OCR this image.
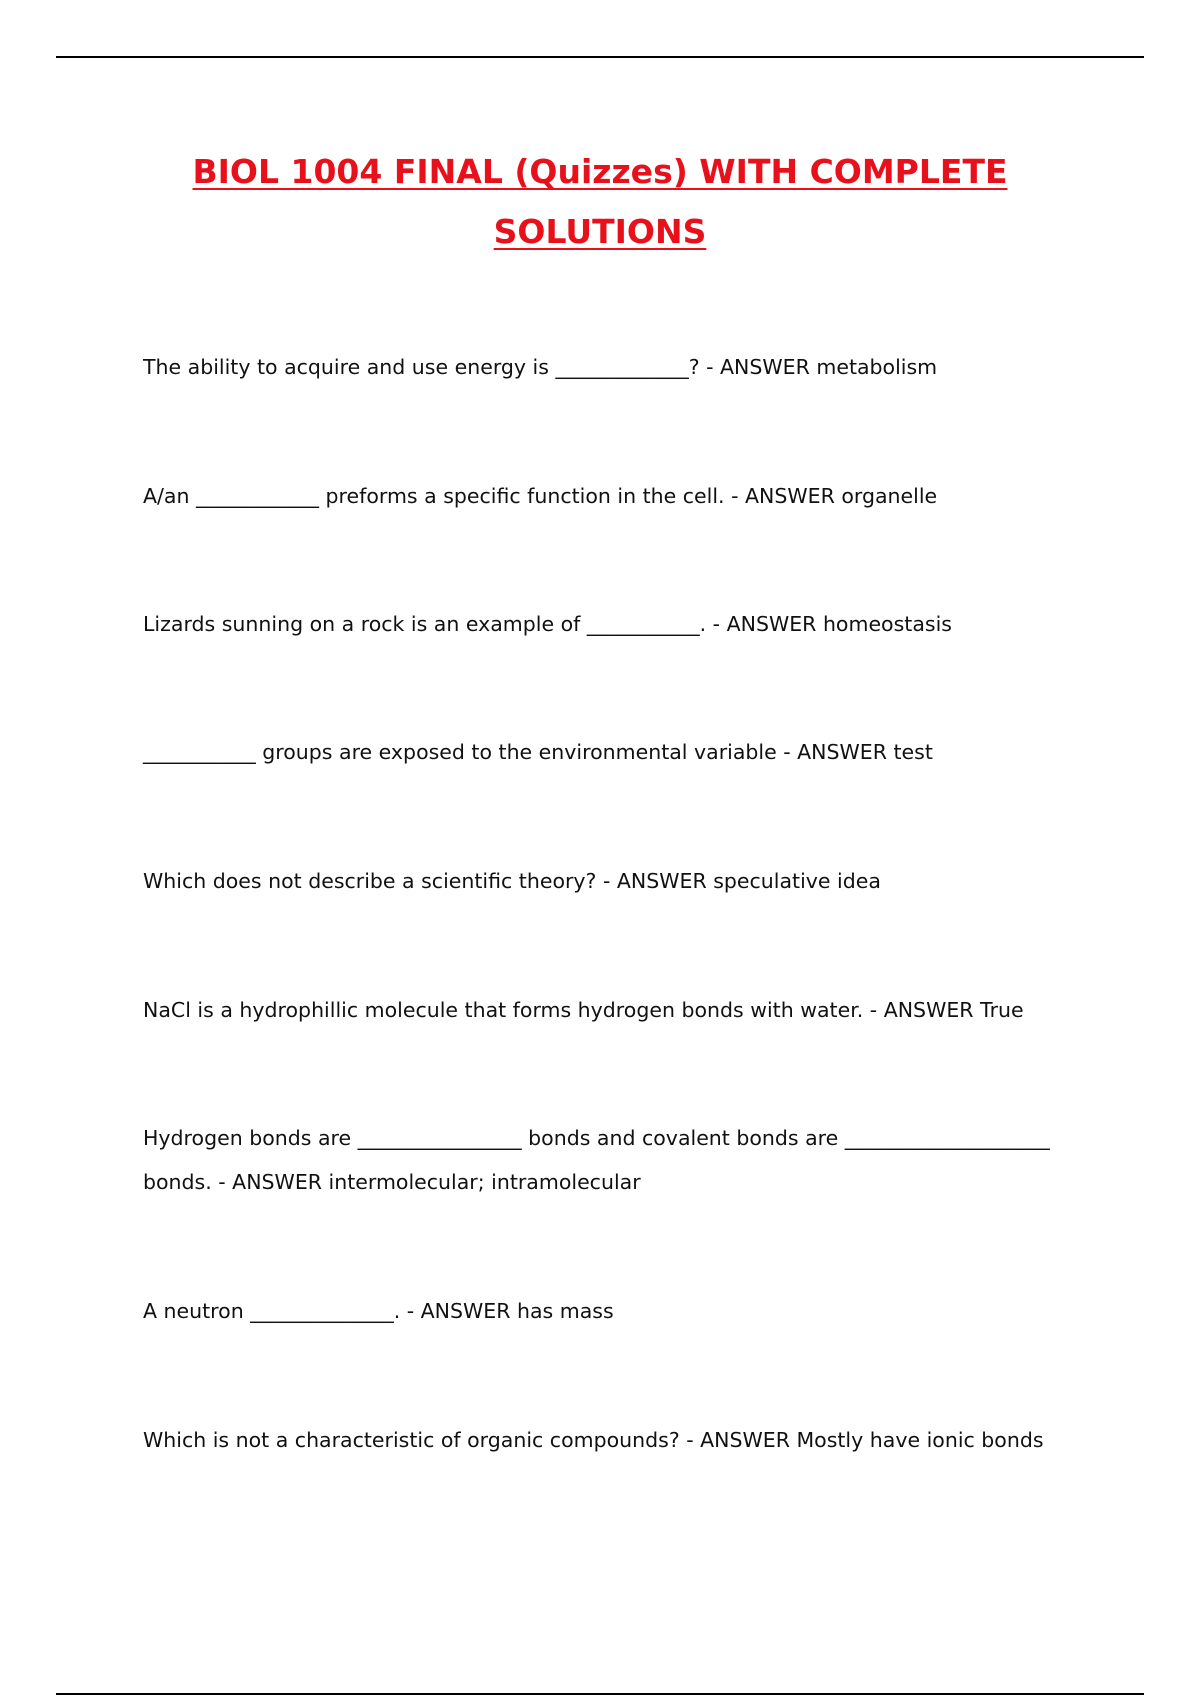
BIOL 1004 FINAL (Quizzes) WITH COMPLETE
SOLUTIONS

The ability to acquire and use energy is _____________? - ANSWER metabolism

A/an ____________ preforms a specific function in the cell. - ANSWER organelle

Lizards sunning on a rock is an example of ___________. - ANSWER homeostasis

___________ groups are exposed to the environmental variable - ANSWER test

Which does not describe a scientific theory? - ANSWER speculative idea

NaCl is a hydrophillic molecule that forms hydrogen bonds with water. - ANSWER True

Hydrogen bonds are ________________ bonds and covalent bonds are ____________________ bonds. - ANSWER intermolecular; intramolecular

A neutron ______________. - ANSWER has mass

Which is not a characteristic of organic compounds? - ANSWER Mostly have ionic bonds
